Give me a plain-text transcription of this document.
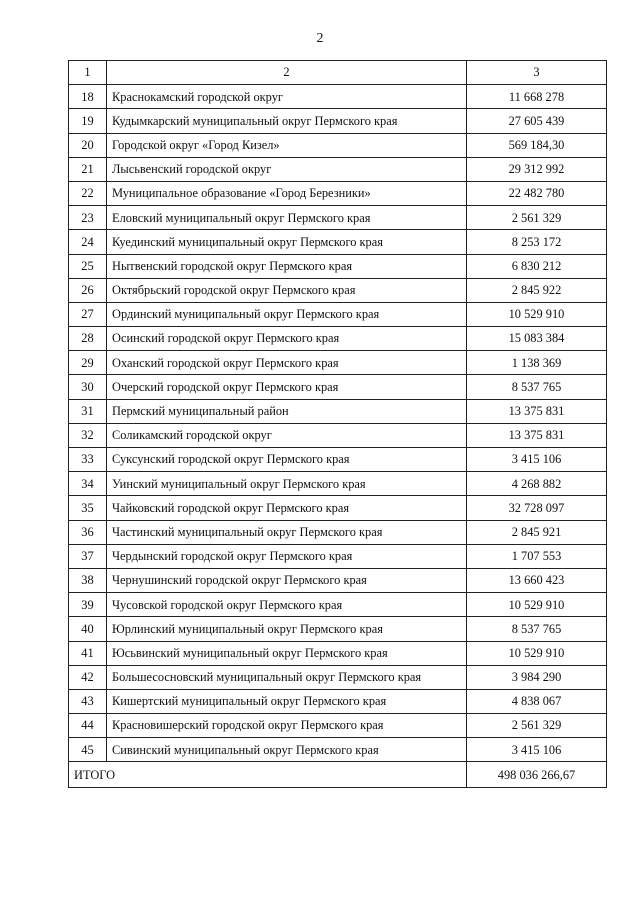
2
1	2	3
18	Краснокамский городской округ	11 668 278
19	Кудымкарский муниципальный округ Пермского края	27 605 439
20	Городской округ «Город Кизел»	569 184,30
21	Лысьвенский городской округ	29 312 992
22	Муниципальное образование «Город Березники»	22 482 780
23	Еловский муниципальный округ Пермского края	2 561 329
24	Куединский муниципальный округ Пермского края	8 253 172
25	Нытвенский городской округ Пермского края	6 830 212
26	Октябрьский городской округ Пермского края	2 845 922
27	Ординский муниципальный округ Пермского края	10 529 910
28	Осинский городской округ Пермского края	15 083 384
29	Оханский городской округ Пермского края	1 138 369
30	Очерский городской округ Пермского края	8 537 765
31	Пермский муниципальный район	13 375 831
32	Соликамский городской округ	13 375 831
33	Суксунский городской округ Пермского края	3 415 106
34	Уинский муниципальный округ Пермского края	4 268 882
35	Чайковский городской округ Пермского края	32 728 097
36	Частинский муниципальный округ Пермского края	2 845 921
37	Чердынский городской округ Пермского края	1 707 553
38	Чернушинский городской округ Пермского края	13 660 423
39	Чусовской городской округ Пермского края	10 529 910
40	Юрлинский муниципальный округ Пермского края	8 537 765
41	Юсьвинский муниципальный округ Пермского края	10 529 910
42	Большесосновский муниципальный округ Пермского края	3 984 290
43	Кишертский муниципальный округ Пермского края	4 838 067
44	Красновишерский городской округ Пермского края	2 561 329
45	Сивинский муниципальный округ Пермского края	3 415 106
ИТОГО		498 036 266,67
